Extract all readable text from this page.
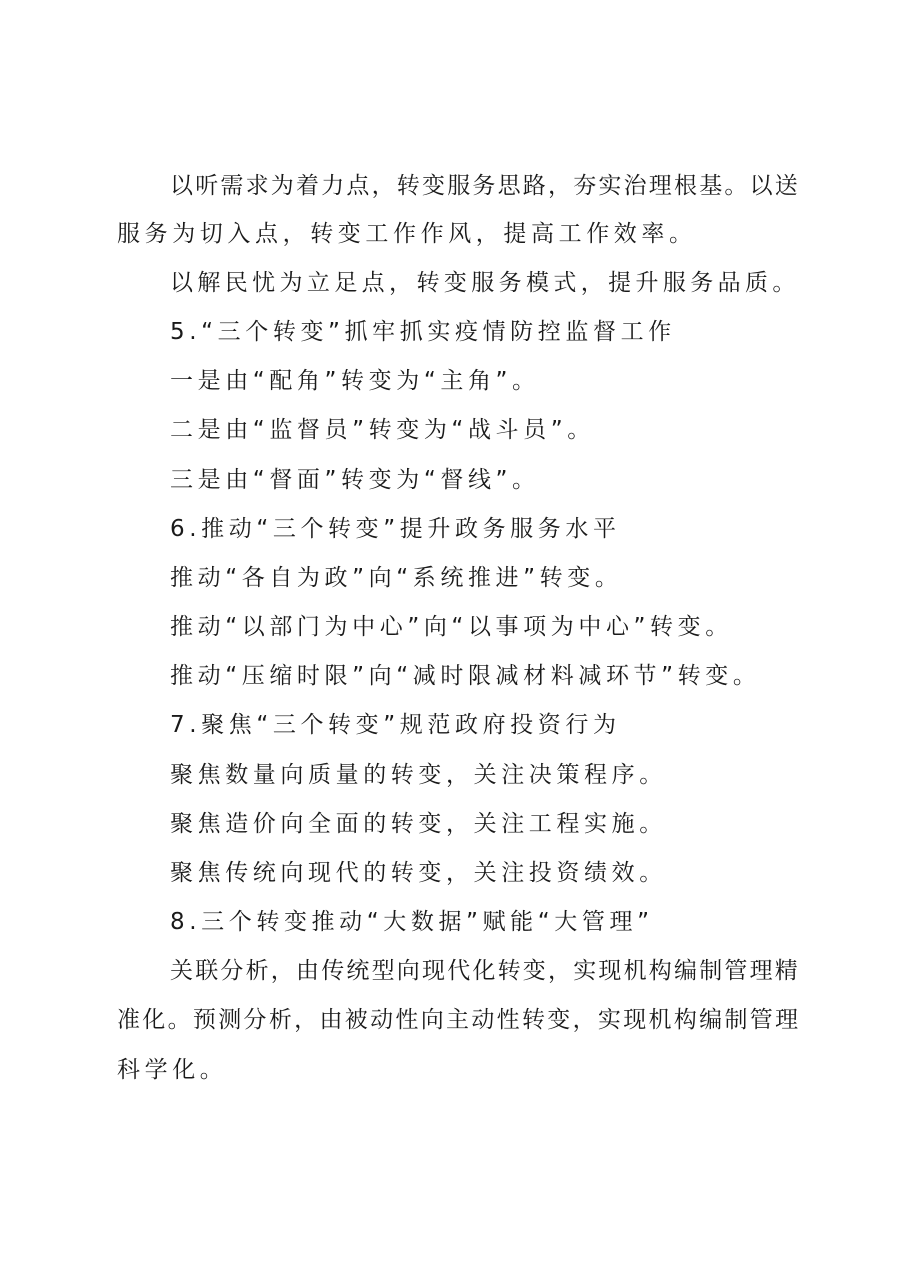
以听需求为着力点，转变服务思路，夯实治理根基。以送
服务为切入点，转变工作作风，提高工作效率。
以解民忧为立足点，转变服务模式，提升服务品质。
5.“三个转变”抓牢抓实疫情防控监督工作
一是由“配角”转变为“主角”。
二是由“监督员”转变为“战斗员”。
三是由“督面”转变为“督线”。
6.推动“三个转变”提升政务服务水平
推动“各自为政”向“系统推进”转变。
推动“以部门为中心”向“以事项为中心”转变。
推动“压缩时限”向“减时限减材料减环节”转变。
7.聚焦“三个转变”规范政府投资行为
聚焦数量向质量的转变，关注决策程序。
聚焦造价向全面的转变，关注工程实施。
聚焦传统向现代的转变，关注投资绩效。
8.三个转变推动“大数据”赋能“大管理”
关联分析，由传统型向现代化转变，实现机构编制管理精
准化。预测分析，由被动性向主动性转变，实现机构编制管理
科学化。
